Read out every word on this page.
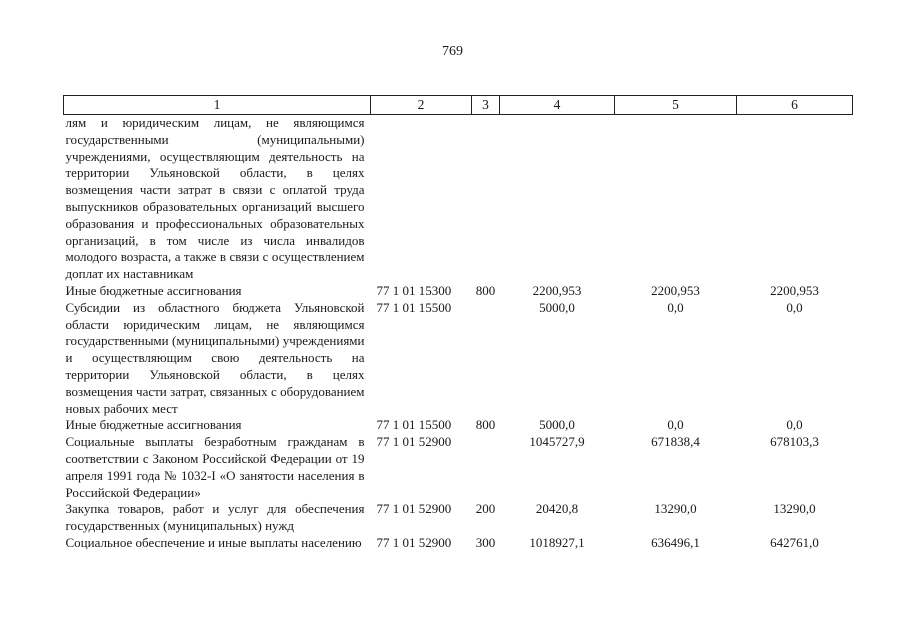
769
1	2	3	4	5	6
лям и юридическим лицам, не являющимся государственными (муниципальными) учреждениями, осуществляющим деятельность на территории Ульяновской области, в целях возмещения части затрат в связи с оплатой труда выпускников образовательных организаций высшего образования и профессиональных образовательных организаций, в том числе из числа инвалидов молодого возраста, а также в связи с осуществлением доплат их наставникам					
Иные бюджетные ассигнования	77 1 01 15300	800	2200,953	2200,953	2200,953
Субсидии из областного бюджета Ульяновской области юридическим лицам, не являющимся государственными (муниципальными) учреждениями и осуществляющим свою деятельность на территории Ульяновской области, в целях возмещения части затрат, связанных с оборудованием новых рабочих мест	77 1 01 15500		5000,0	0,0	0,0
Иные бюджетные ассигнования	77 1 01 15500	800	5000,0	0,0	0,0
Социальные выплаты безработным гражданам в соответствии с Законом Российской Федерации от 19 апреля 1991 года № 1032-I «О занятости населения в Российской Федерации»	77 1 01 52900		1045727,9	671838,4	678103,3
Закупка товаров, работ и услуг для обеспечения государственных (муниципальных) нужд	77 1 01 52900	200	20420,8	13290,0	13290,0
Социальное обеспечение и иные выплаты населению	77 1 01 52900	300	1018927,1	636496,1	642761,0
